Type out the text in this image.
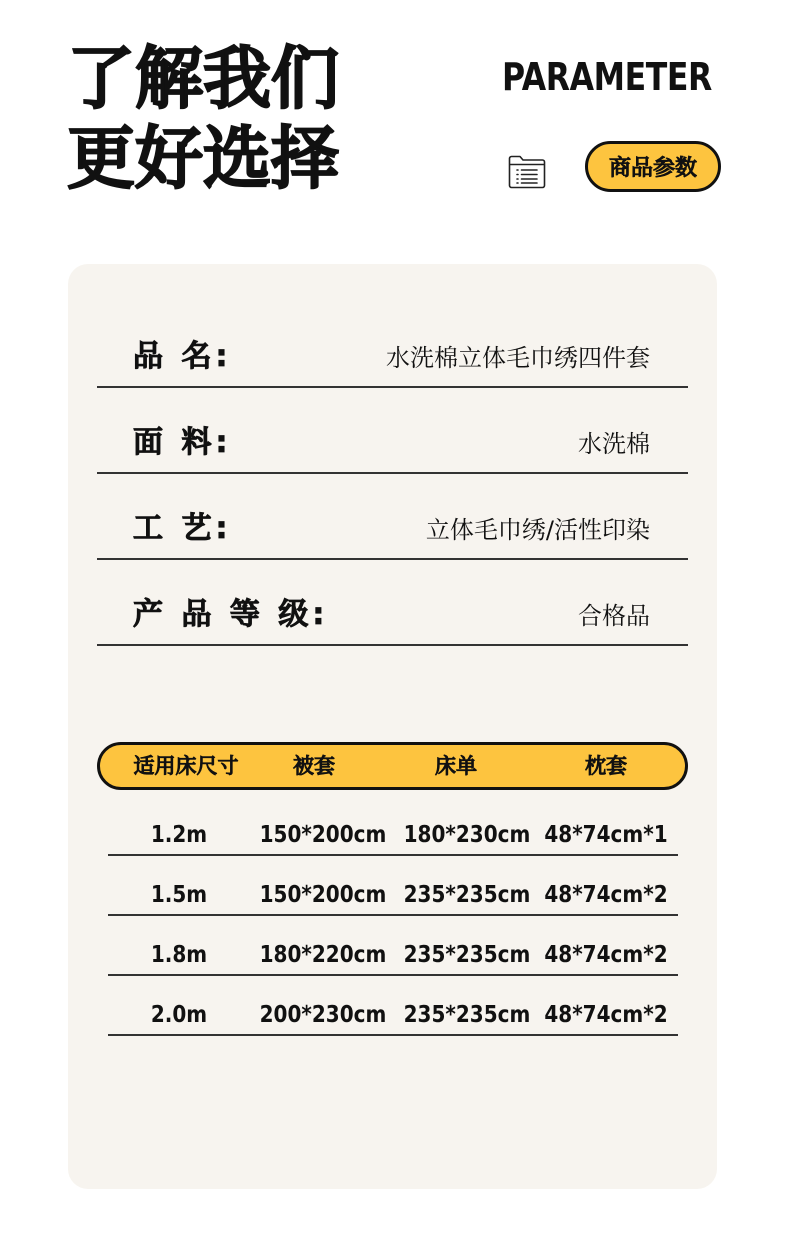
了解我们
更好选择
PARAMETER
商品参数
品 名:	水洗棉立体毛巾绣四件套
面 料:	水洗棉
工 艺:	立体毛巾绣/活性印染
产 品 等 级:	合格品
适用床尺寸	被套	床单	枕套
1.2m	150*200cm 180*230cm 48*74cm*1
1.5m	150*200cm 235*235cm 48*74cm*2
1.8m	180*220cm 235*235cm 48*74cm*2
2.0m	200*230cm 235*235cm 48*74cm*2
